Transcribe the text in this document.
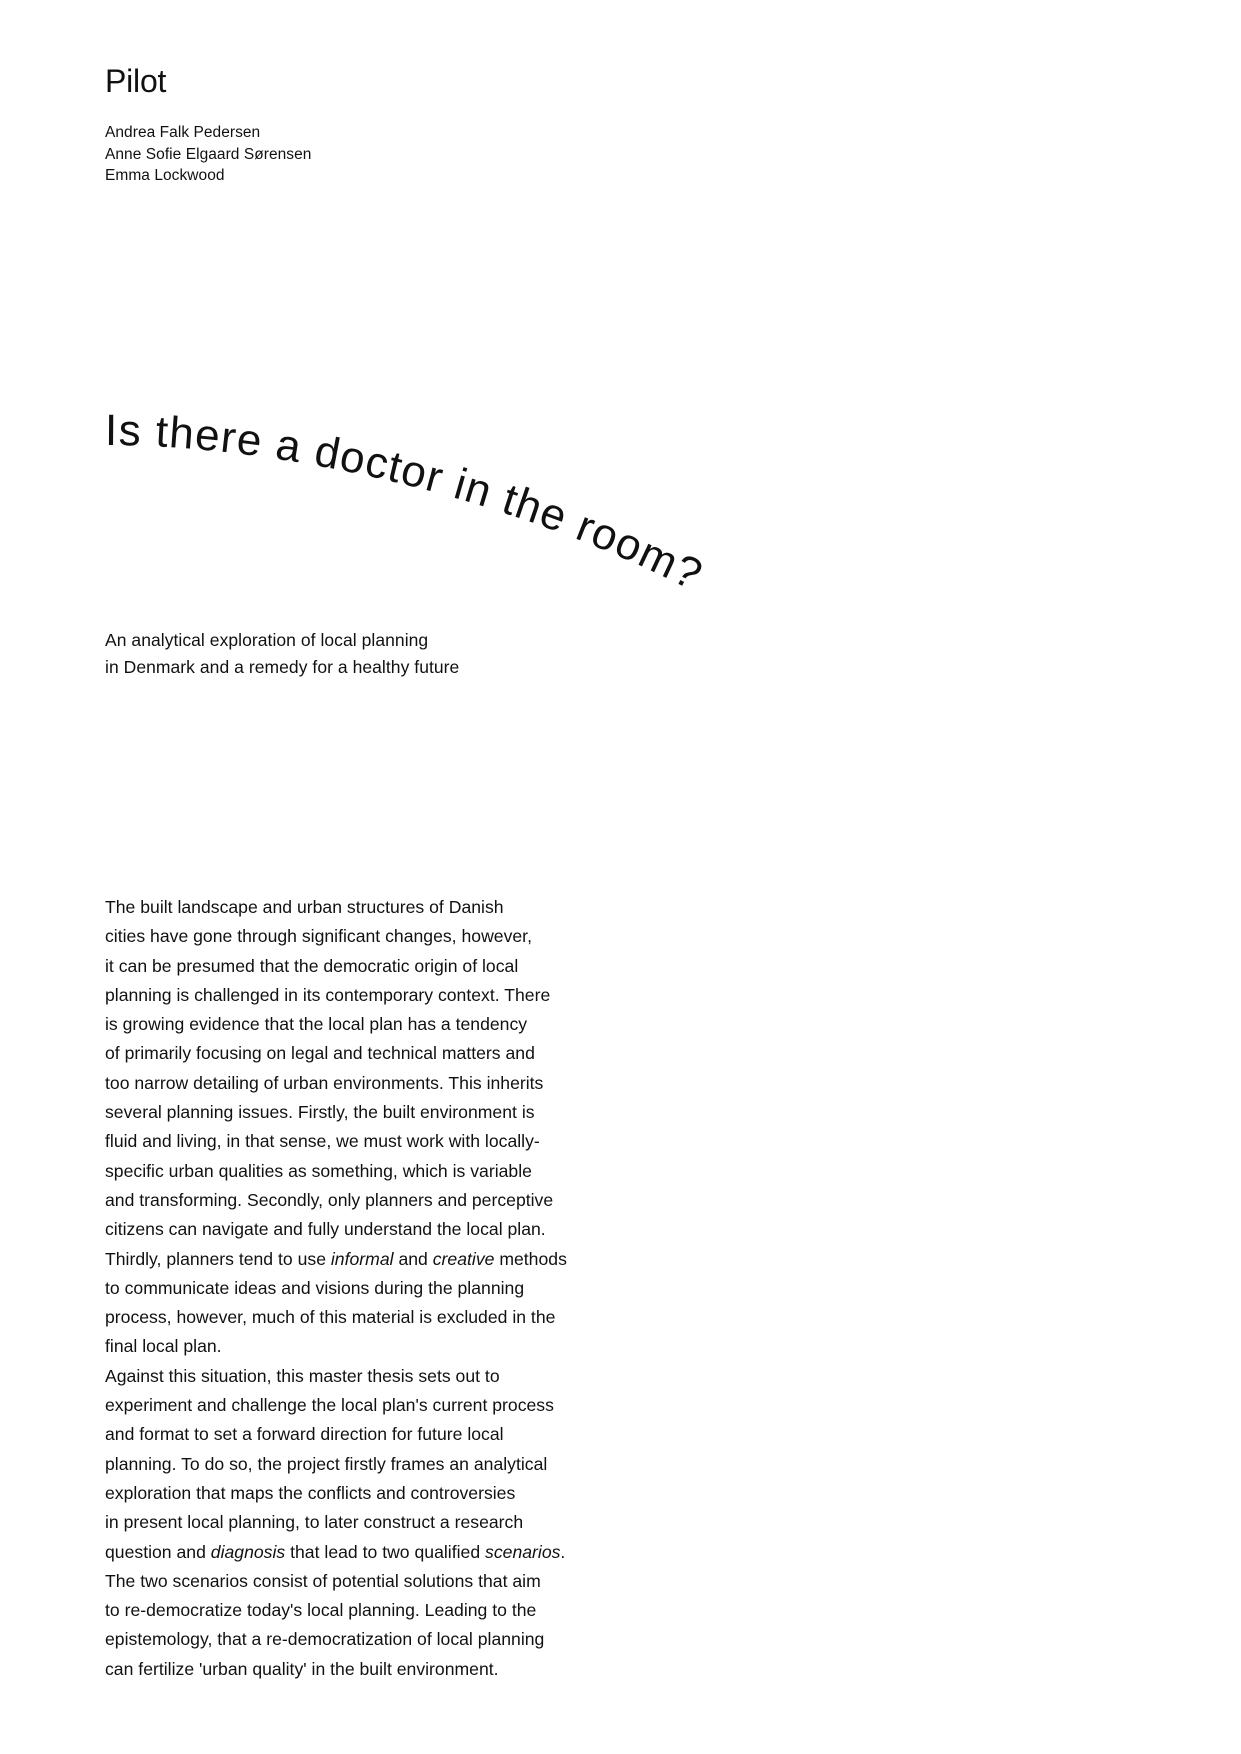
Pilot
Andrea Falk Pedersen
Anne Sofie Elgaard Sørensen
Emma Lockwood
Is there a doctor in the room?
An analytical exploration of local planning
in Denmark and a remedy for a healthy future

The built landscape and urban structures of Danish
cities have gone through significant changes, however,
it can be presumed that the democratic origin of local
planning is challenged in its contemporary context. There
is growing evidence that the local plan has a tendency
of primarily focusing on legal and technical matters and
too narrow detailing of urban environments. This inherits
several planning issues. Firstly, the built environment is
fluid and living, in that sense, we must work with locally-
specific urban qualities as something, which is variable
and transforming. Secondly, only planners and perceptive
citizens can navigate and fully understand the local plan.
Thirdly, planners tend to use informal and creative methods
to communicate ideas and visions during the planning
process, however, much of this material is excluded in the
final local plan.

Against this situation, this master thesis sets out to
experiment and challenge the local plan's current process
and format to set a forward direction for future local
planning. To do so, the project firstly frames an analytical
exploration that maps the conflicts and controversies
in present local planning, to later construct a research
question and diagnosis that lead to two qualified scenarios.
The two scenarios consist of potential solutions that aim
to re-democratize today's local planning. Leading to the
epistemology, that a re-democratization of local planning
can fertilize 'urban quality' in the built environment.
